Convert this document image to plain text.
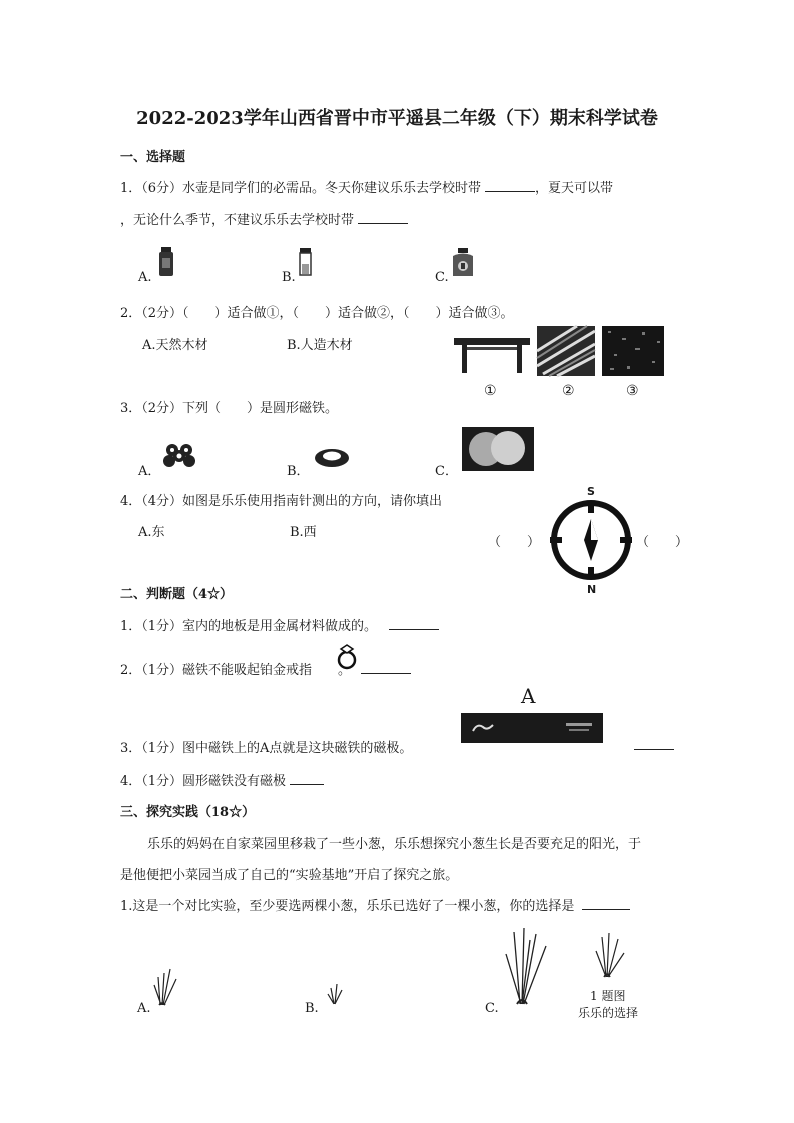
2022-2023学年山西省晋中市平遥县二年级（下）期末科学试卷
一、选择题
1．（6分）水壶是同学们的必需品。冬天你建议乐乐去学校时带	，夏天可以带
，无论什么季节，不建议乐乐去学校时带
A.	B.	C.
2．（2分）（　　）适合做①，（　　）适合做②，（　　）适合做③。
A.天然木材	B.人造木材
①	②	③
3．（2分）下列（　　）是圆形磁铁。
A．	B．	C．
4．（4分）如图是乐乐使用指南针测出的方向，请你填出
A.东	B.西
S
N
（　　）	（　　）
二、判断题（4☆）
1．（1分）室内的地板是用金属材料做成的。
2．（1分）磁铁不能吸起铂金戒指 。
A
3．（1分）图中磁铁上的A点就是这块磁铁的磁极。
4．（1分）圆形磁铁没有磁极
三、探究实践（18☆）
乐乐的妈妈在自家菜园里移栽了一些小葱，乐乐想探究小葱生长是否要充足的阳光，于
是他便把小菜园当成了自己的“实验基地”开启了探究之旅。
1.这是一个对比实验，至少要选两棵小葱，乐乐已选好了一棵小葱，你的选择是
A.	B.	C.
1 题图
乐乐的选择
